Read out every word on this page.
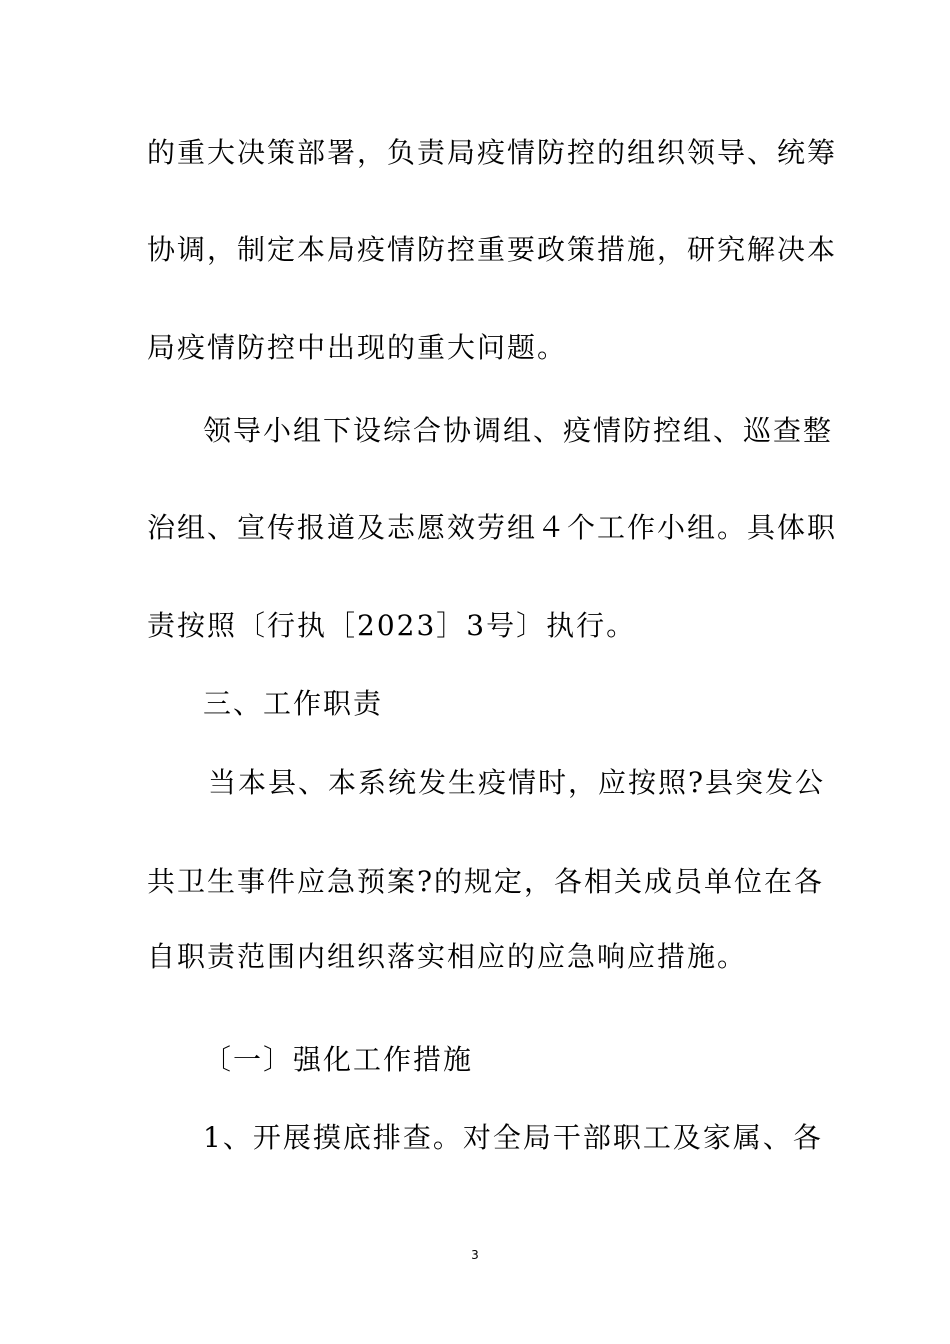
的重大决策部署，负责局疫情防控的组织领导、统筹
协调，制定本局疫情防控重要政策措施，研究解决本
局疫情防控中出现的重大问题。
领导小组下设综合协调组、疫情防控组、巡查整
治组、宣传报道及志愿效劳组４个工作小组。具体职
责按照〔行执［2023］3号〕执行。
三、工作职责
当本县、本系统发生疫情时，应按照?县突发公
共卫生事件应急预案?的规定，各相关成员单位在各
自职责范围内组织落实相应的应急响应措施。
〔一〕强化工作措施
1、开展摸底排查。对全局干部职工及家属、各
3
